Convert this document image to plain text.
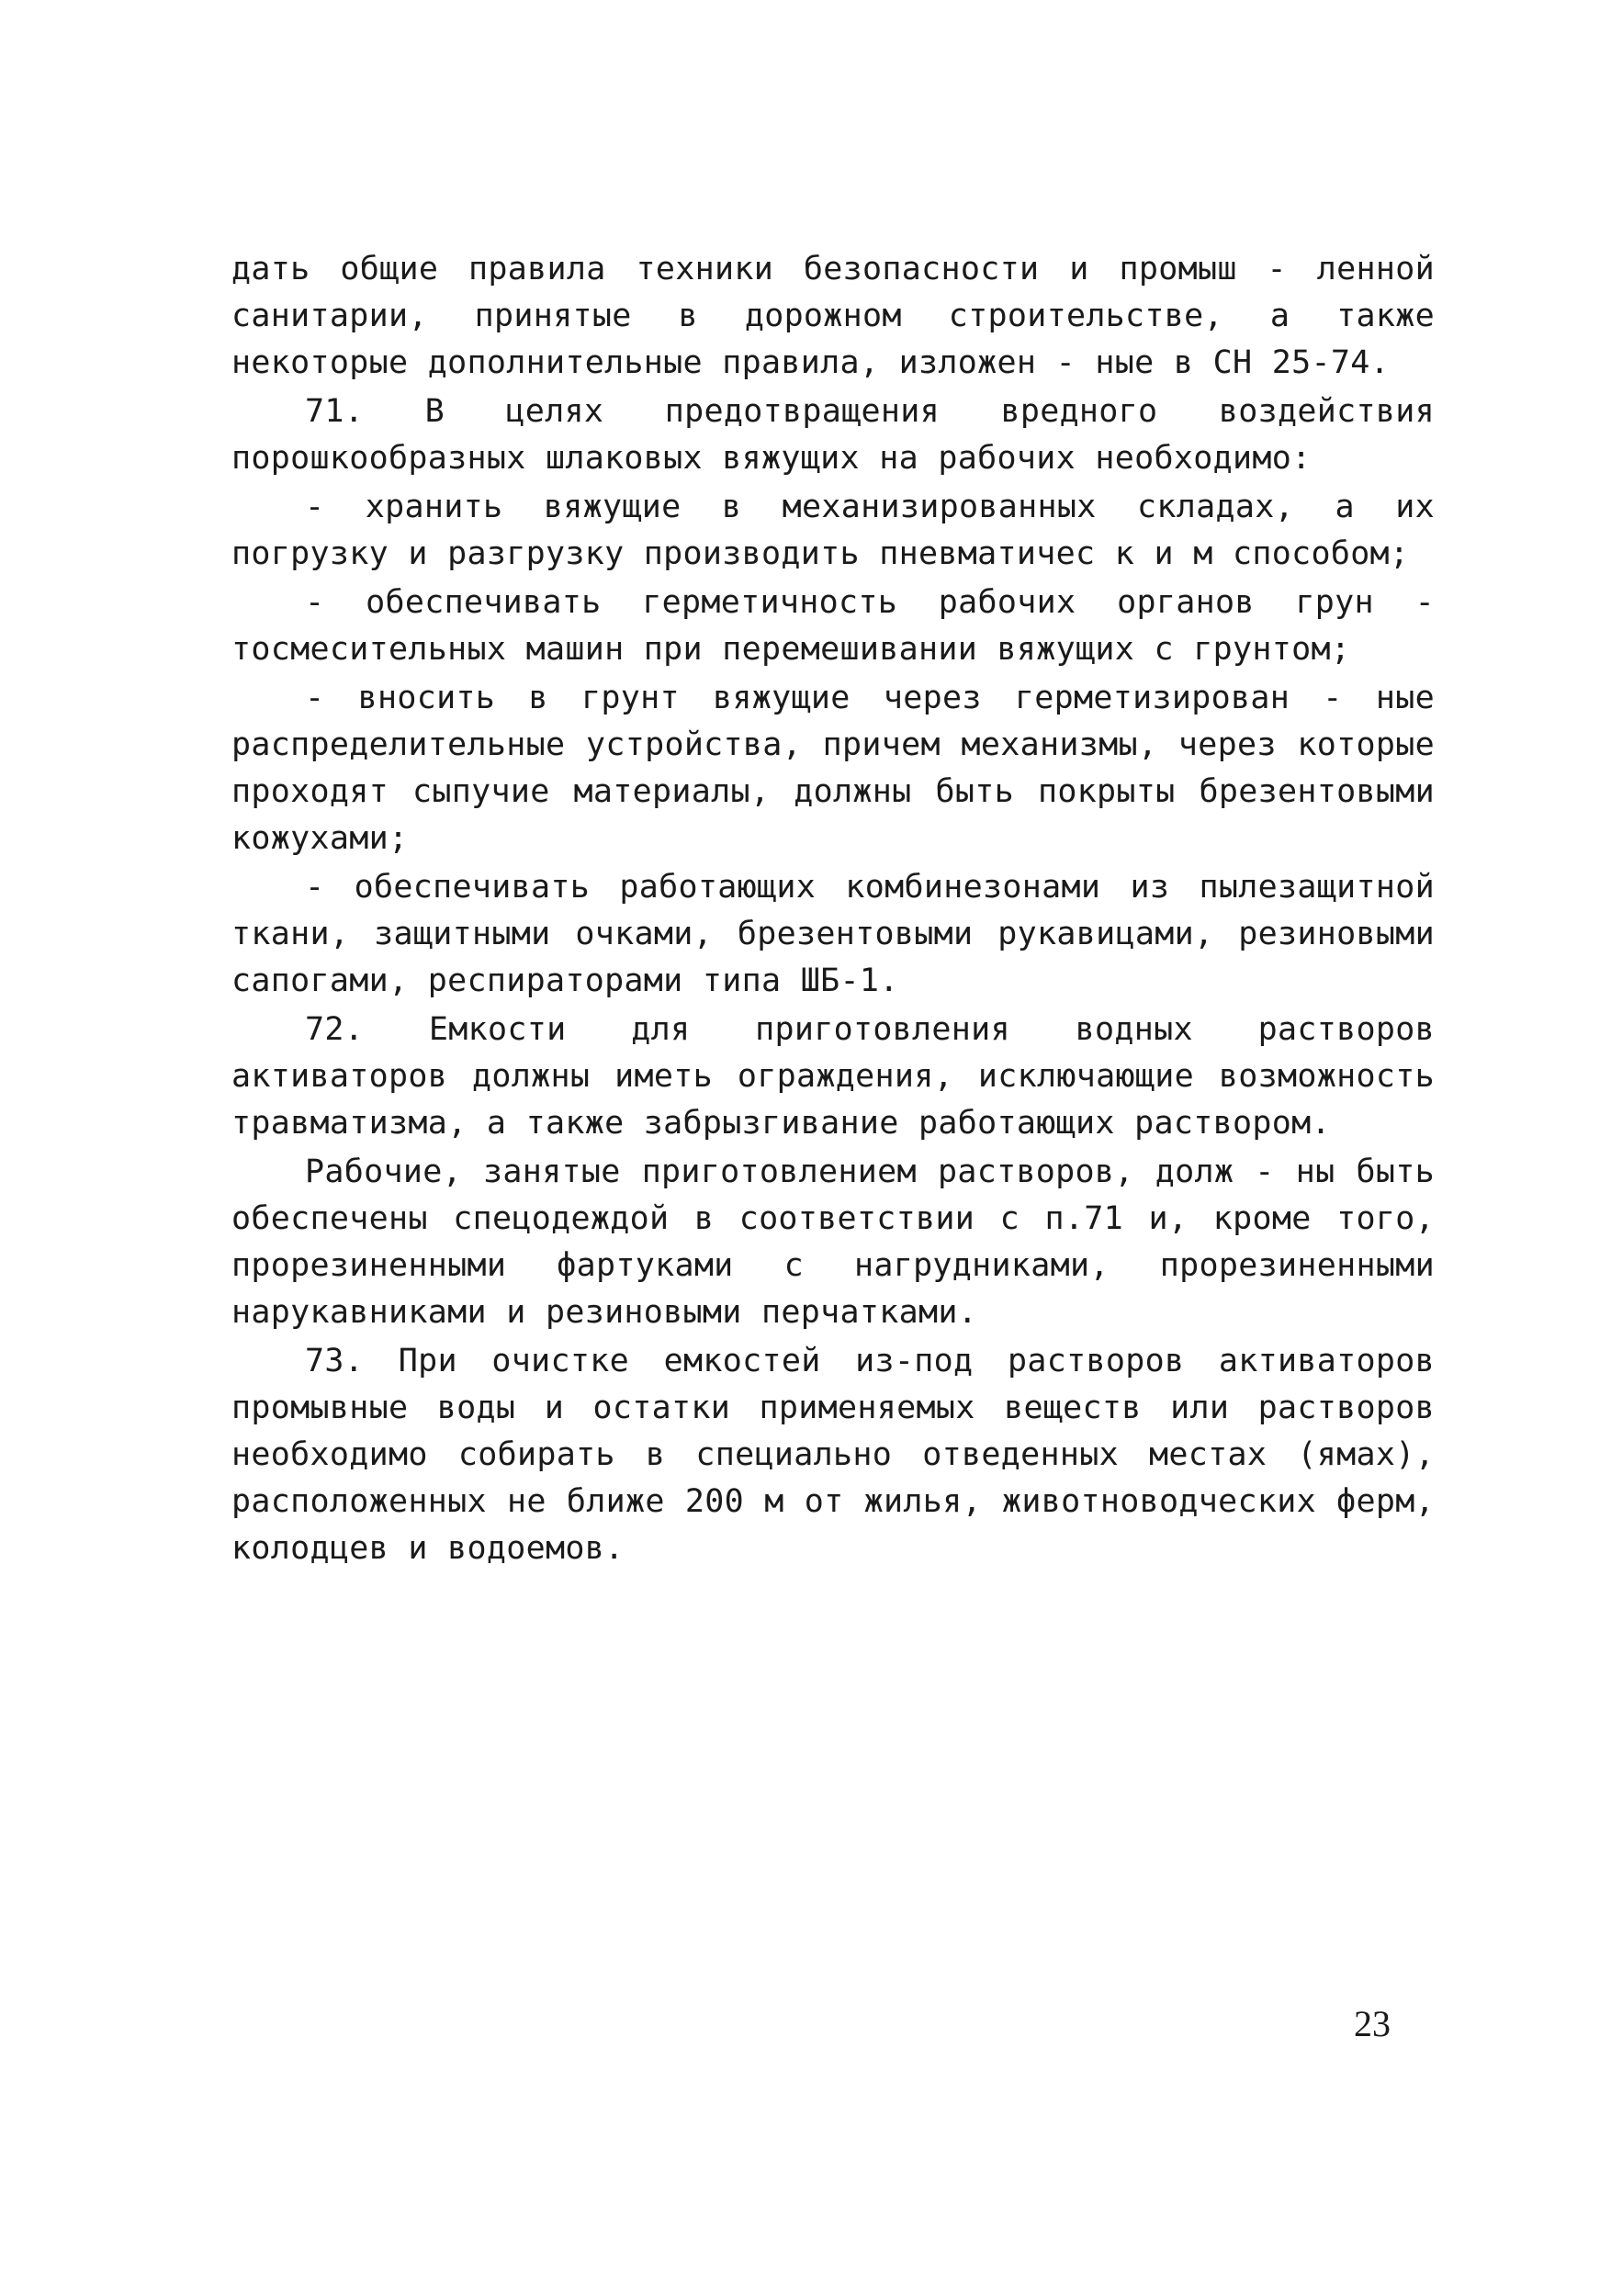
дать общие правила техники безопасности и промыш - ленной санитарии, принятые в дорожном строительстве, а также некоторые дополнительные правила, изложен - ные в СН 25-74.

71. В целях предотвращения вредного воздействия порошкообразных шлаковых вяжущих на рабочих необходимо:

- хранить вяжущие в механизированных складах, а их погрузку и разгрузку производить пневматичес к и м способом;

- обеспечивать герметичность рабочих органов грун - тосмесительных машин при перемешивании вяжущих с грунтом;

- вносить в грунт вяжущие через герметизирован - ные распределительные устройства, причем механизмы, через которые проходят сыпучие материалы, должны быть покрыты брезентовыми кожухами;

- обеспечивать работающих комбинезонами из пылезащитной ткани, защитными очками, брезентовыми рукавицами, резиновыми сапогами, респираторами типа ШБ-1.

72. Емкости для приготовления водных растворов активаторов должны иметь ограждения, исключающие возможность травматизма, а также забрызгивание работающих раствором.

Рабочие, занятые приготовлением растворов, долж - ны быть обеспечены спецодеждой в соответствии с п.71 и, кроме того, прорезиненными фартуками с нагрудниками, прорезиненными нарукавниками и резиновыми перчатками.

73. При очистке емкостей из-под растворов активаторов промывные воды и остатки применяемых веществ или растворов необходимо собирать в специально отведенных местах (ямах), расположенных не ближе 200 м от жилья, животноводческих ферм, колодцев и водоемов.

23
